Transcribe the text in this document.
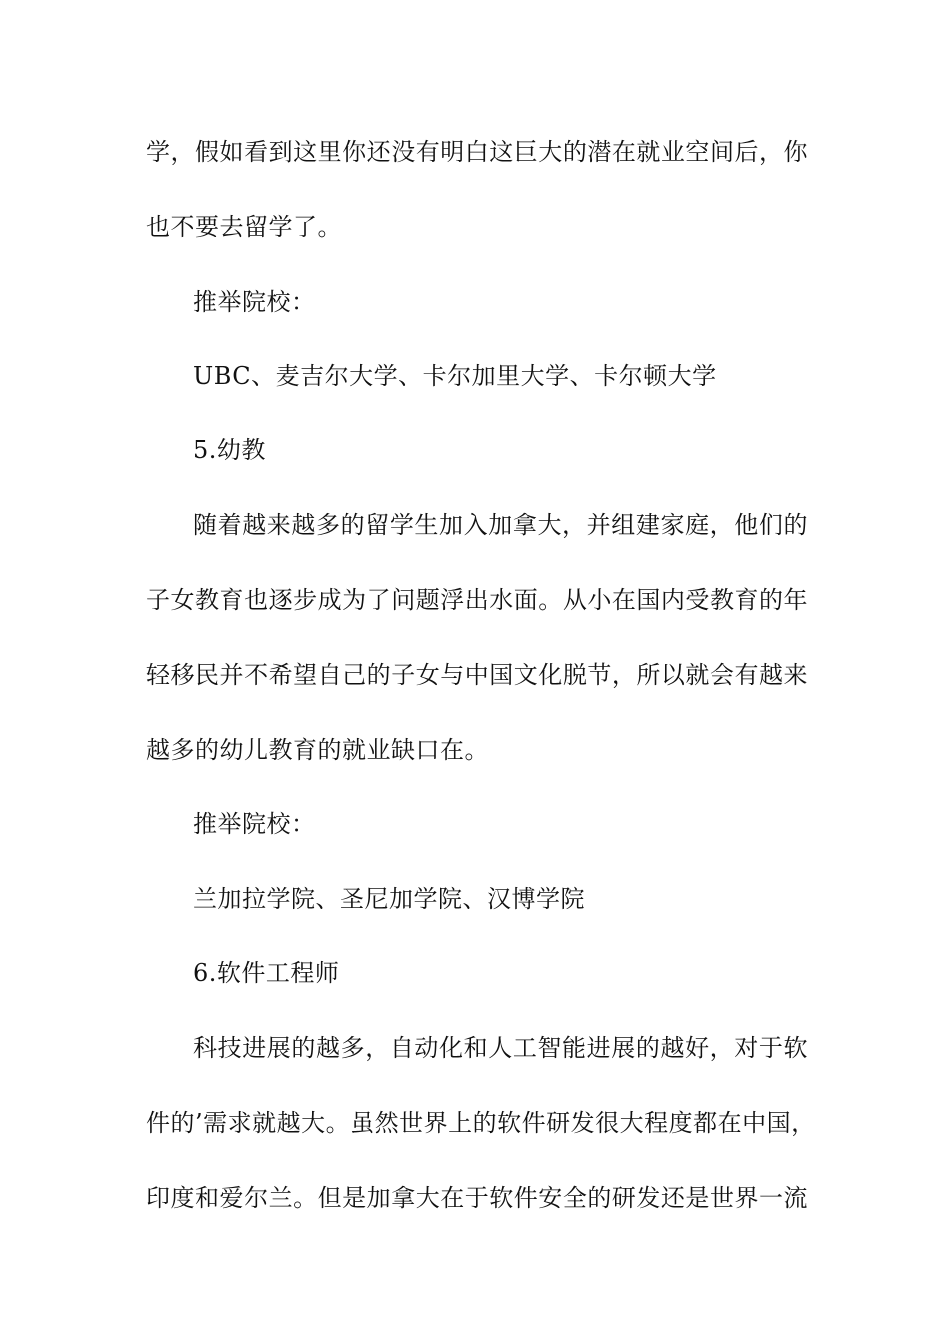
学，假如看到这里你还没有明白这巨大的潜在就业空间后，你
也不要去留学了。
推举院校：
UBC、麦吉尔大学、卡尔加里大学、卡尔顿大学
5.幼教
随着越来越多的留学生加入加拿大，并组建家庭，他们的
子女教育也逐步成为了问题浮出水面。从小在国内受教育的年
轻移民并不希望自己的子女与中国文化脱节，所以就会有越来
越多的幼儿教育的就业缺口在。
推举院校：
兰加拉学院、圣尼加学院、汉博学院
6.软件工程师
科技进展的越多，自动化和人工智能进展的越好，对于软
件的’需求就越大。虽然世界上的软件研发很大程度都在中国，
印度和爱尔兰。但是加拿大在于软件安全的研发还是世界一流
